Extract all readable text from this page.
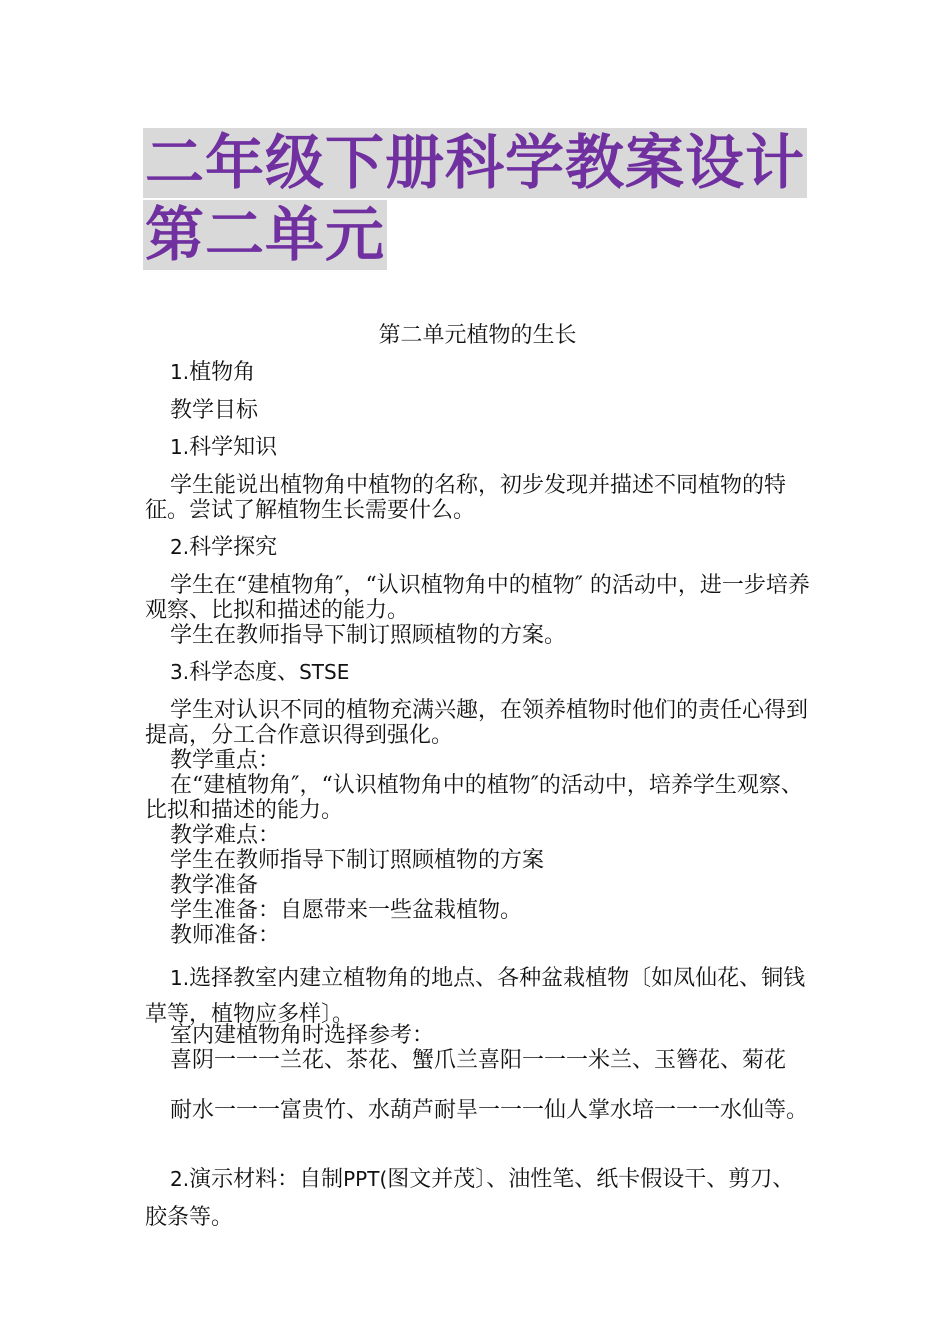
二年级下册科学教案设计
第二单元
第二单元植物的生长
1.植物角
教学目标
1.科学知识
学生能说出植物角中植物的名称，初步发现并描述不同植物的特征。尝试了解植物生长需要什么。
2.科学探究
学生在“建植物角″，“认识植物角中的植物″ 的活动中，进一步培养观察、比拟和描述的能力。
学生在教师指导下制订照顾植物的方案。
3.科学态度、STSE
学生对认识不同的植物充满兴趣，在领养植物时他们的责任心得到提高，分工合作意识得到强化。
教学重点：
在“建植物角″，“认识植物角中的植物″的活动中，培养学生观察、比拟和描述的能力。
教学难点：
学生在教师指导下制订照顾植物的方案
教学准备
学生准备：自愿带来一些盆栽植物。
教师准备：
1.选择教室内建立植物角的地点、各种盆栽植物〔如凤仙花、铜钱草等，植物应多样〕。
室内建植物角时选择参考：
喜阴一一一兰花、茶花、蟹爪兰喜阳一一一米兰、玉簪花、菊花
耐水一一一富贵竹、水葫芦耐旱一一一仙人掌水培一一一水仙等。
2.演示材料：自制PPT(图文并茂〕、油性笔、纸卡假设干、剪刀、胶条等。
